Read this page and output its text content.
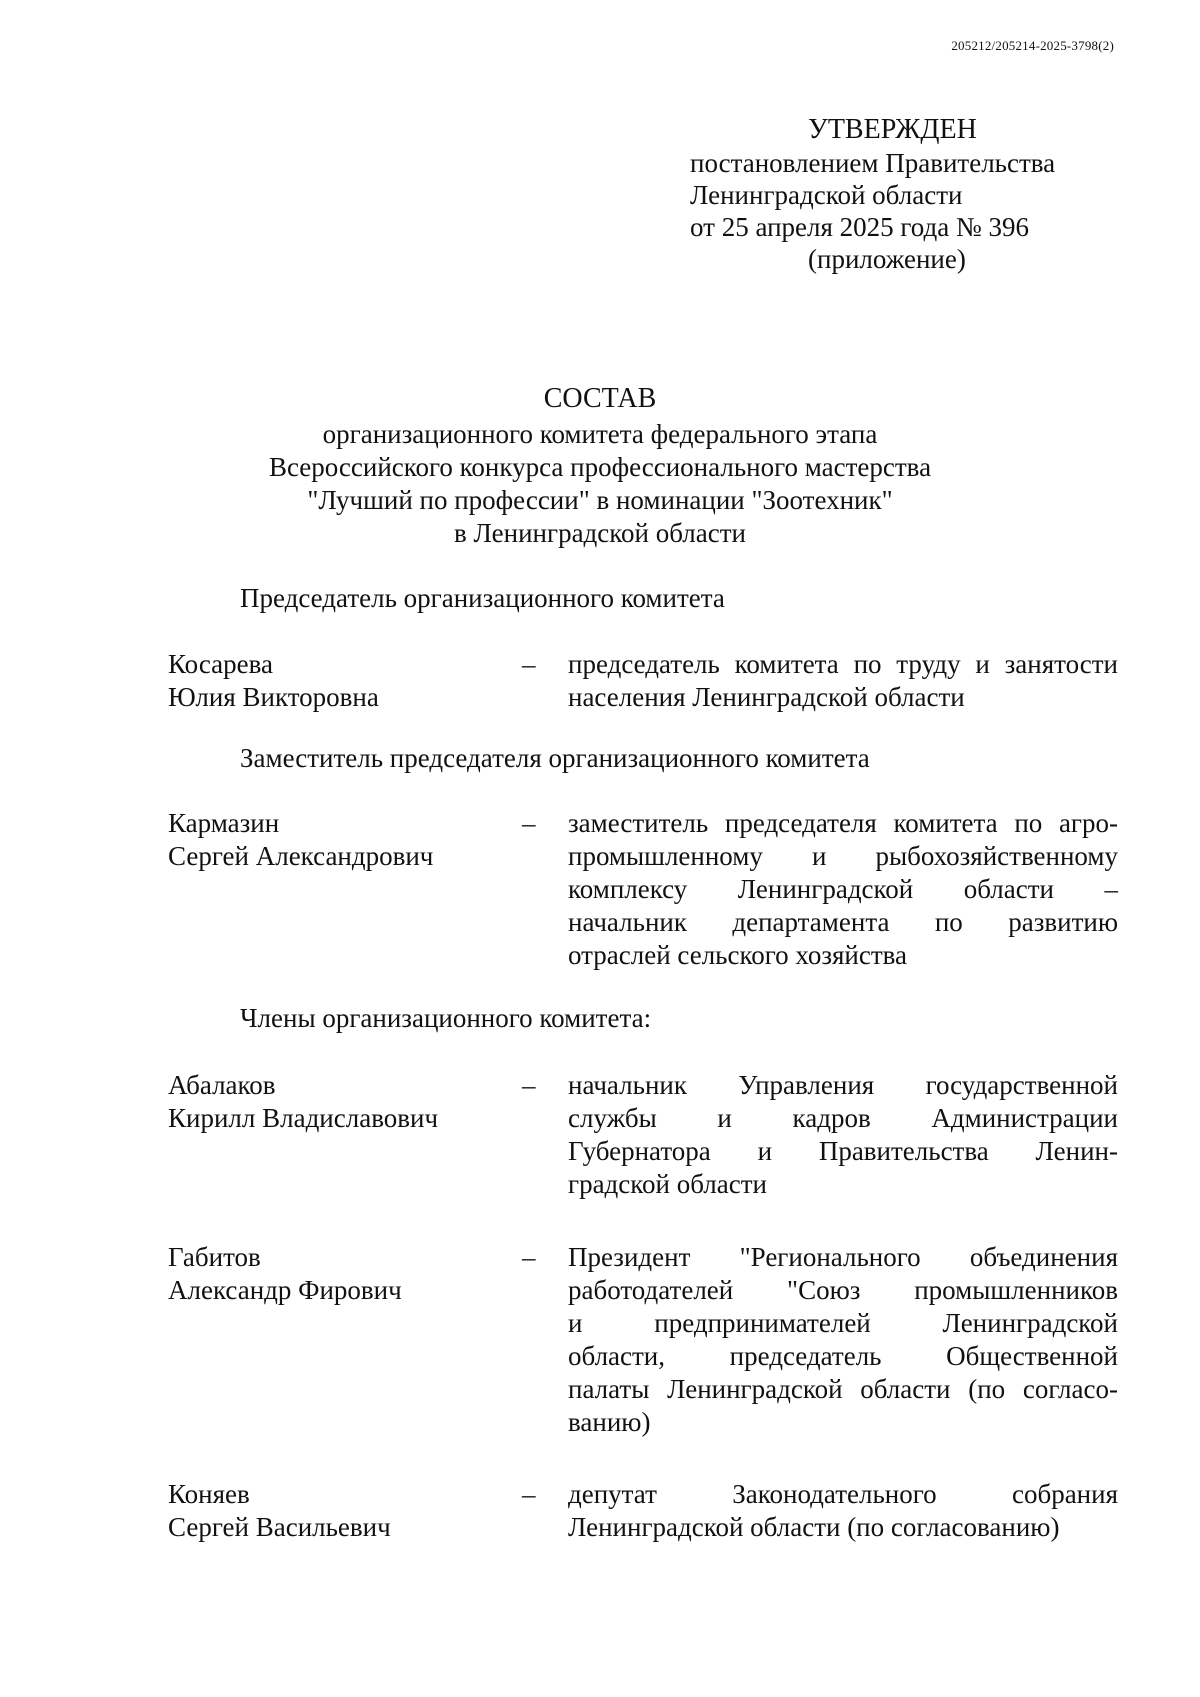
205212/205214-2025-3798(2)
УТВЕРЖДЕН
постановлением Правительства
Ленинградской области
от 25 апреля 2025 года № 396
(приложение)
СОСТАВ
организационного комитета федерального этапа
Всероссийского конкурса профессионального мастерства
"Лучший по профессии" в номинации "Зоотехник"
в Ленинградской области
Председатель организационного комитета
Косарева
Юлия Викторовна
– председатель комитета по труду и занятости
населения Ленинградской области
Заместитель председателя организационного комитета
Кармазин
Сергей Александрович
– заместитель председателя комитета по агро-
промышленному и рыбохозяйственному
комплексу Ленинградской области –
начальник департамента по развитию
отраслей сельского хозяйства
Члены организационного комитета:
Абалаков
Кирилл Владиславович
– начальник Управления государственной
службы и кадров Администрации
Губернатора и Правительства Ленин-
градской области
Габитов
Александр Фирович
– Президент "Регионального объединения
работодателей "Союз промышленников
и предпринимателей Ленинградской
области, председатель Общественной
палаты Ленинградской области (по согласо-
ванию)
Коняев
Сергей Васильевич
– депутат Законодательного собрания
Ленинградской области (по согласованию)
